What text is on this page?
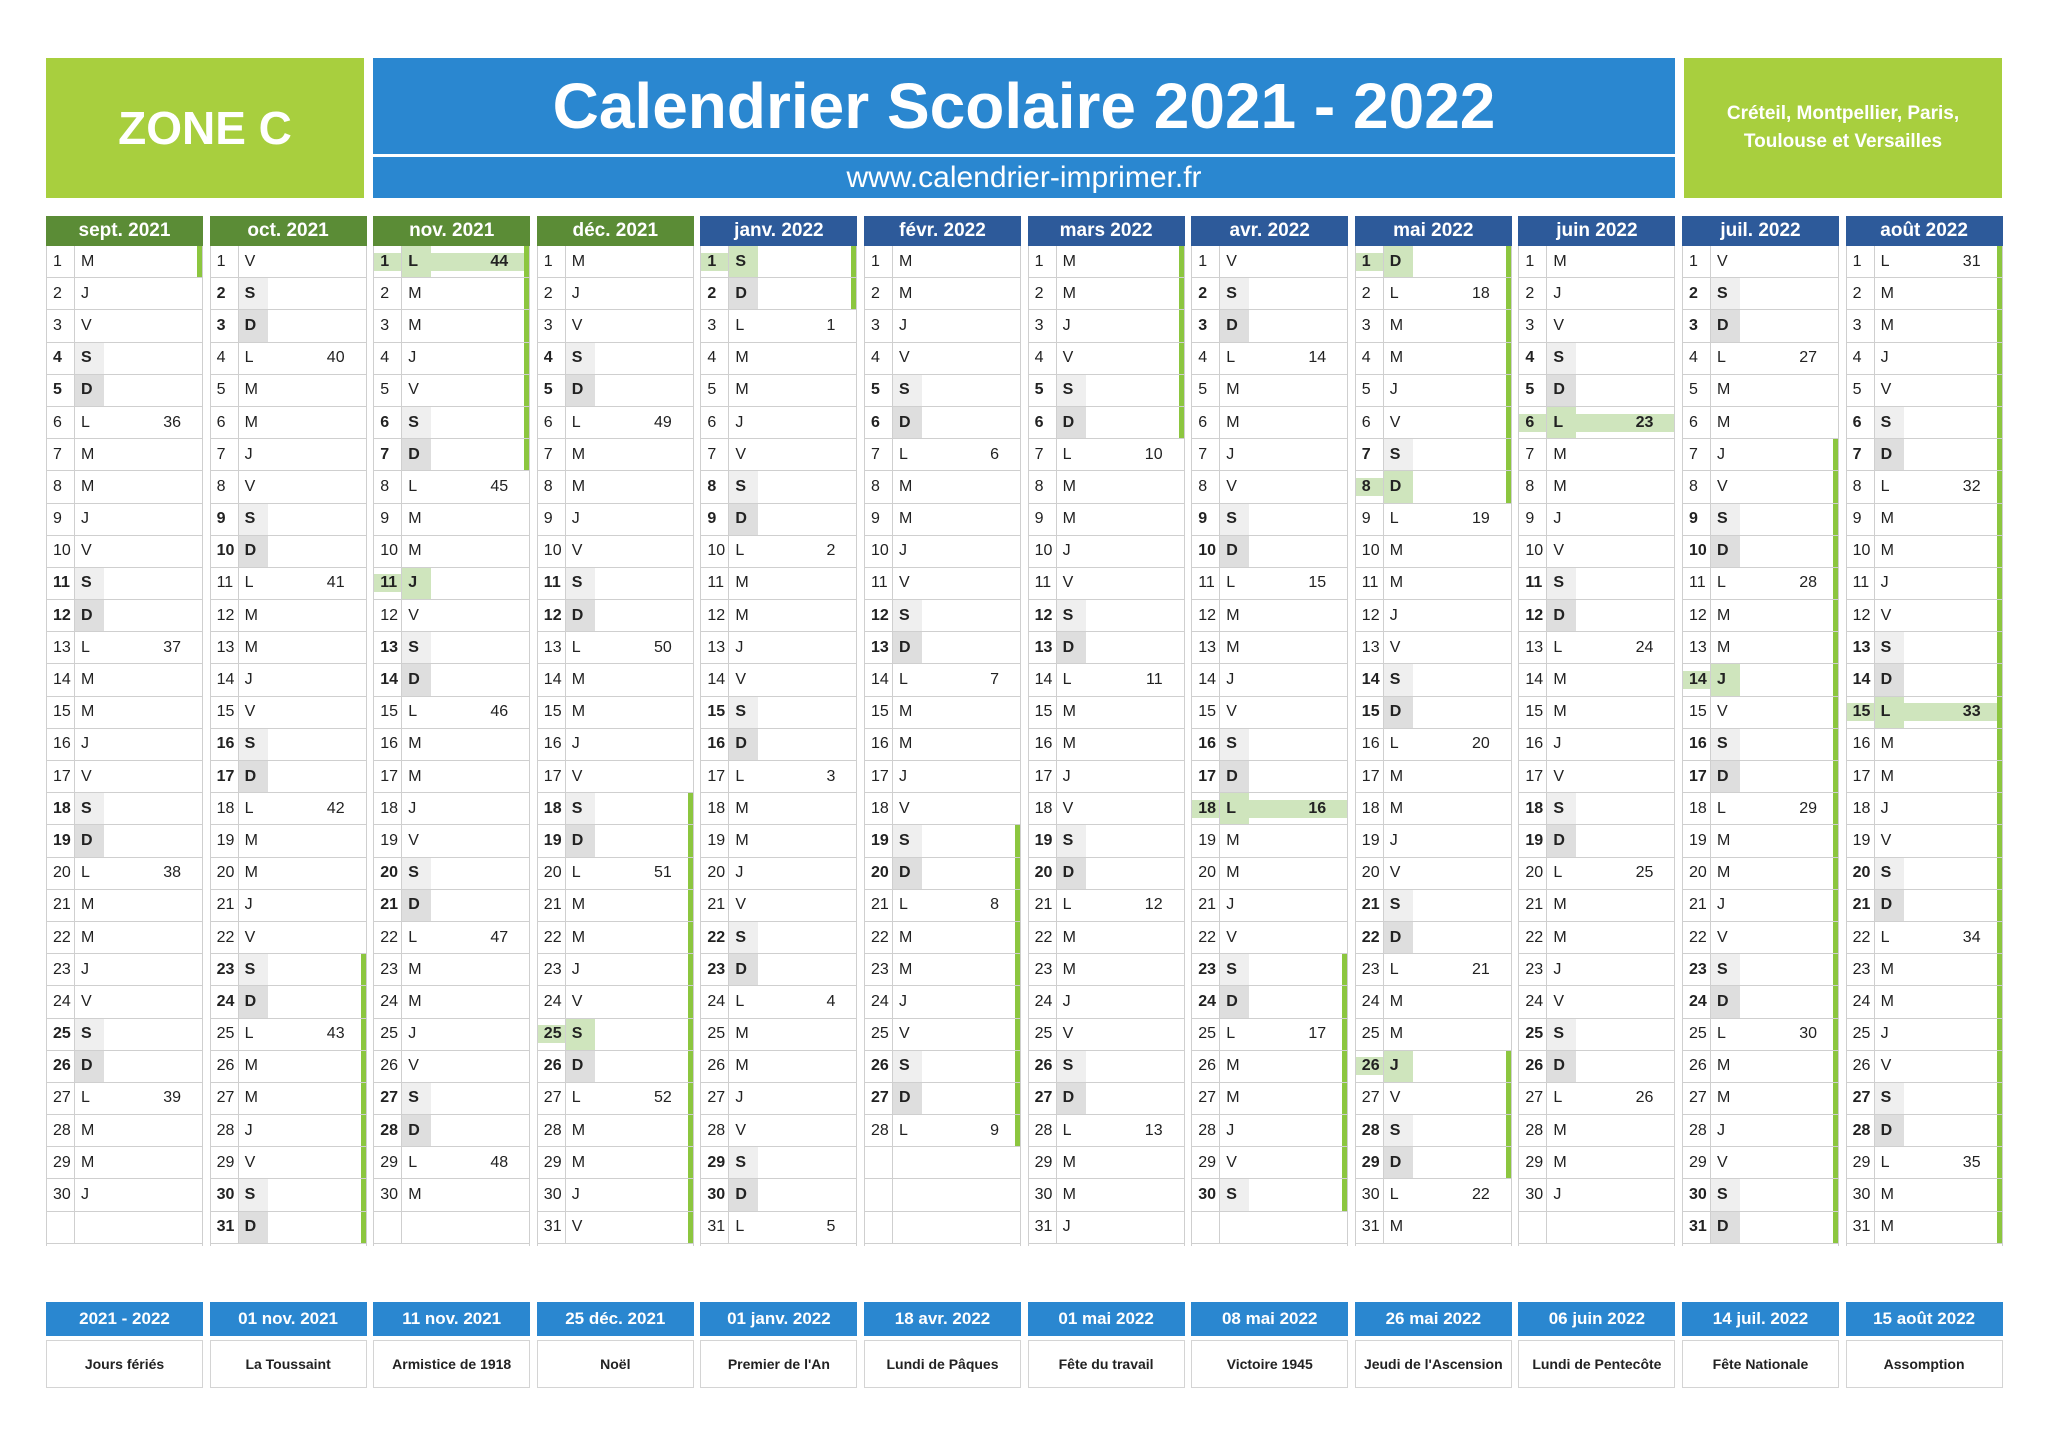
ZONE C	Calendrier Scolaire 2021 - 2022
www.calendrier-imprimer.fr
Créteil, Montpellier, Paris, Toulouse et Versailles
sept. 2021
1	M
2	J
3	V
4	S
5	D
6	L	36
7	M
8	M
9	J
10 V
11 S
12 D
13 L	37
14 M
15 M
16 J
17 V
18 S
19 D
20 L	38
21 M
22 M
23 J
24 V
25 S
26 D
27 L	39
28 M
29 M
30 J
oct. 2021
1	V
2	S
3	D
4	L	40
5	M
6	M
7	J
8	V
9	S
10 D
11 L	41
12 M
13 M
14 J
15 V
16 S
17 D
18 L	42
19 M
20 M
21 J
22 V
23 S
24 D
25 L	43
26 M
27 M
28 J
29 V
30 S
31 D
nov. 2021
1	L	44
2	M
3	M
4	J
5	V
6	S
7	D
8	L	45
9	M
10 M
11 J
12 V
13 S
14 D
15 L	46
16 M
17 M
18 J
19 V
20 S
21 D
22 L	47
23 M
24 M
25 J
26 V
27 S
28 D
29 L	48
30 M
déc. 2021
1	M
2	J
3	V
4	S
5	D
6	L	49
7	M
8	M
9	J
10 V
11 S
12 D
13 L	50
14 M
15 M
16 J
17 V
18 S
19 D
20 L	51
21 M
22 M
23 J
24 V
25 S
26 D
27 L	52
28 M
29 M
30 J
31 V
janv. 2022
1	S
2	D
3	L	1
4	M
5	M
6	J
7	V
8	S
9	D
10 L	2
11 M
12 M
13 J
14 V
15 S
16 D
17 L	3
18 M
19 M
20 J
21 V
22 S
23 D
24 L	4
25 M
26 M
27 J
28 V
29 S
30 D
31 L	5
févr. 2022
1	M
2	M
3	J
4	V
5	S
6	D
7	L	6
8	M
9	M
10 J
11 V
12 S
13 D
14 L	7
15 M
16 M
17 J
18 V
19 S
20 D
21 L	8
22 M
23 M
24 J
25 V
26 S
27 D
28 L	9
mars 2022
1	M
2	M
3	J
4	V
5	S
6	D
7	L	10
8	M
9	M
10 J
11 V
12 S
13 D
14 L	11
15 M
16 M
17 J
18 V
19 S
20 D
21 L	12
22 M
23 M
24 J
25 V
26 S
27 D
28 L	13
29 M
30 M
31 J
avr. 2022
1	V
2	S
3	D
4	L	14
5	M
6	M
7	J
8	V
9	S
10 D
11 L	15
12 M
13 M
14 J
15 V
16 S
17 D
18 L	16
19 M
20 M
21 J
22 V
23 S
24 D
25 L	17
26 M
27 M
28 J
29 V
30 S
mai 2022
1	D
2	L	18
3	M
4	M
5	J
6	V
7	S
8	D
9	L	19
10 M
11 M
12 J
13 V
14 S
15 D
16 L	20
17 M
18 M
19 J
20 V
21 S
22 D
23 L	21
24 M
25 M
26 J
27 V
28 S
29 D
30 L	22
31 M
juin 2022
1	M
2	J
3	V
4	S
5	D
6	L	23
7	M
8	M
9	J
10 V
11 S
12 D
13 L	24
14 M
15 M
16 J
17 V
18 S
19 D
20 L	25
21 M
22 M
23 J
24 V
25 S
26 D
27 L	26
28 M
29 M
30 J
juil. 2022
1	V
2	S
3	D
4	L	27
5	M
6	M
7	J
8	V
9	S
10 D
11 L	28
12 M
13 M
14 J
15 V
16 S
17 D
18 L	29
19 M
20 M
21 J
22 V
23 S
24 D
25 L	30
26 M
27 M
28 J
29 V
30 S
31 D
août 2022
1	L	31
2	M
3	M
4	J
5	V
6	S
7	D
8	L	32
9	M
10 M
11 J
12 V
13 S
14 D
15 L	33
16 M
17 M
18 J
19 V
20 S
21 D
22 L	34
23 M
24 M
25 J
26 V
27 S
28 D
29 L	35
30 M
31 M
2021 - 2022
Jours fériés
01 nov. 2021
La Toussaint
11 nov. 2021
Armistice de 1918
25 déc. 2021
Noël
01 janv. 2022
Premier de l'An
18 avr. 2022
Lundi de Pâques
01 mai 2022
Fête du travail
08 mai 2022
Victoire 1945
26 mai 2022
Jeudi de l'Ascension
06 juin 2022
Lundi de Pentecôte
14 juil. 2022
Fête Nationale
15 août 2022
Assomption
